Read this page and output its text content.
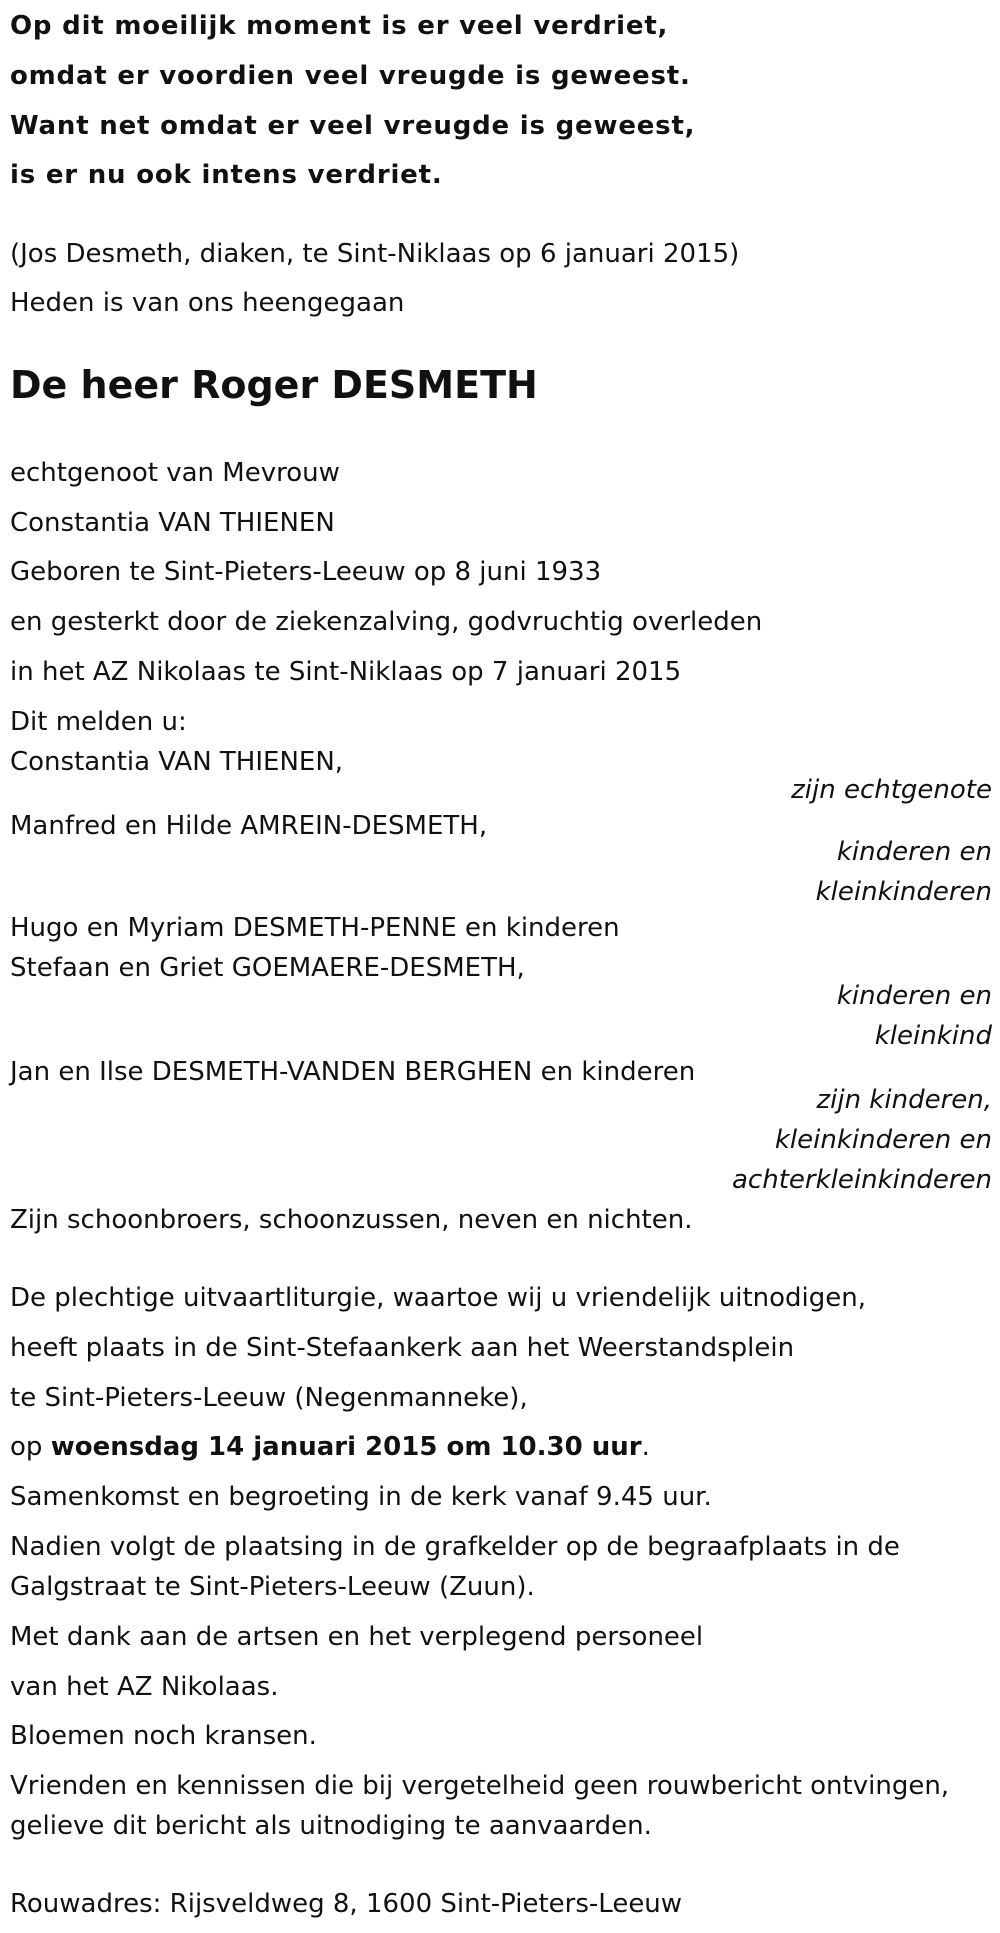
Op dit moeilijk moment is er veel verdriet,
omdat er voordien veel vreugde is geweest.
Want net omdat er veel vreugde is geweest,
is er nu ook intens verdriet.
(Jos Desmeth, diaken, te Sint-Niklaas op 6 januari 2015)
Heden is van ons heengegaan
De heer Roger DESMETH
echtgenoot van Mevrouw
Constantia VAN THIENEN
Geboren te Sint-Pieters-Leeuw op 8 juni 1933
en gesterkt door de ziekenzalving, godvruchtig overleden
in het AZ Nikolaas te Sint-Niklaas op 7 januari 2015
Dit melden u:
Constantia VAN THIENEN,
zijn echtgenote
Manfred en Hilde AMREIN-DESMETH,
kinderen en
kleinkinderen
Hugo en Myriam DESMETH-PENNE en kinderen
Stefaan en Griet GOEMAERE-DESMETH,
kinderen en
kleinkind
Jan en Ilse DESMETH-VANDEN BERGHEN en kinderen
zijn kinderen,
kleinkinderen en
achterkleinkinderen
Zijn schoonbroers, schoonzussen, neven en nichten.
De plechtige uitvaartliturgie, waartoe wij u vriendelijk uitnodigen,
heeft plaats in de Sint-Stefaankerk aan het Weerstandsplein
te Sint-Pieters-Leeuw (Negenmanneke),
op woensdag 14 januari 2015 om 10.30 uur.
Samenkomst en begroeting in de kerk vanaf 9.45 uur.
Nadien volgt de plaatsing in de grafkelder op de begraafplaats in de
Galgstraat te Sint-Pieters-Leeuw (Zuun).
Met dank aan de artsen en het verplegend personeel
van het AZ Nikolaas.
Bloemen noch kransen.
Vrienden en kennissen die bij vergetelheid geen rouwbericht ontvingen,
gelieve dit bericht als uitnodiging te aanvaarden.
Rouwadres: Rijsveldweg 8, 1600 Sint-Pieters-Leeuw
